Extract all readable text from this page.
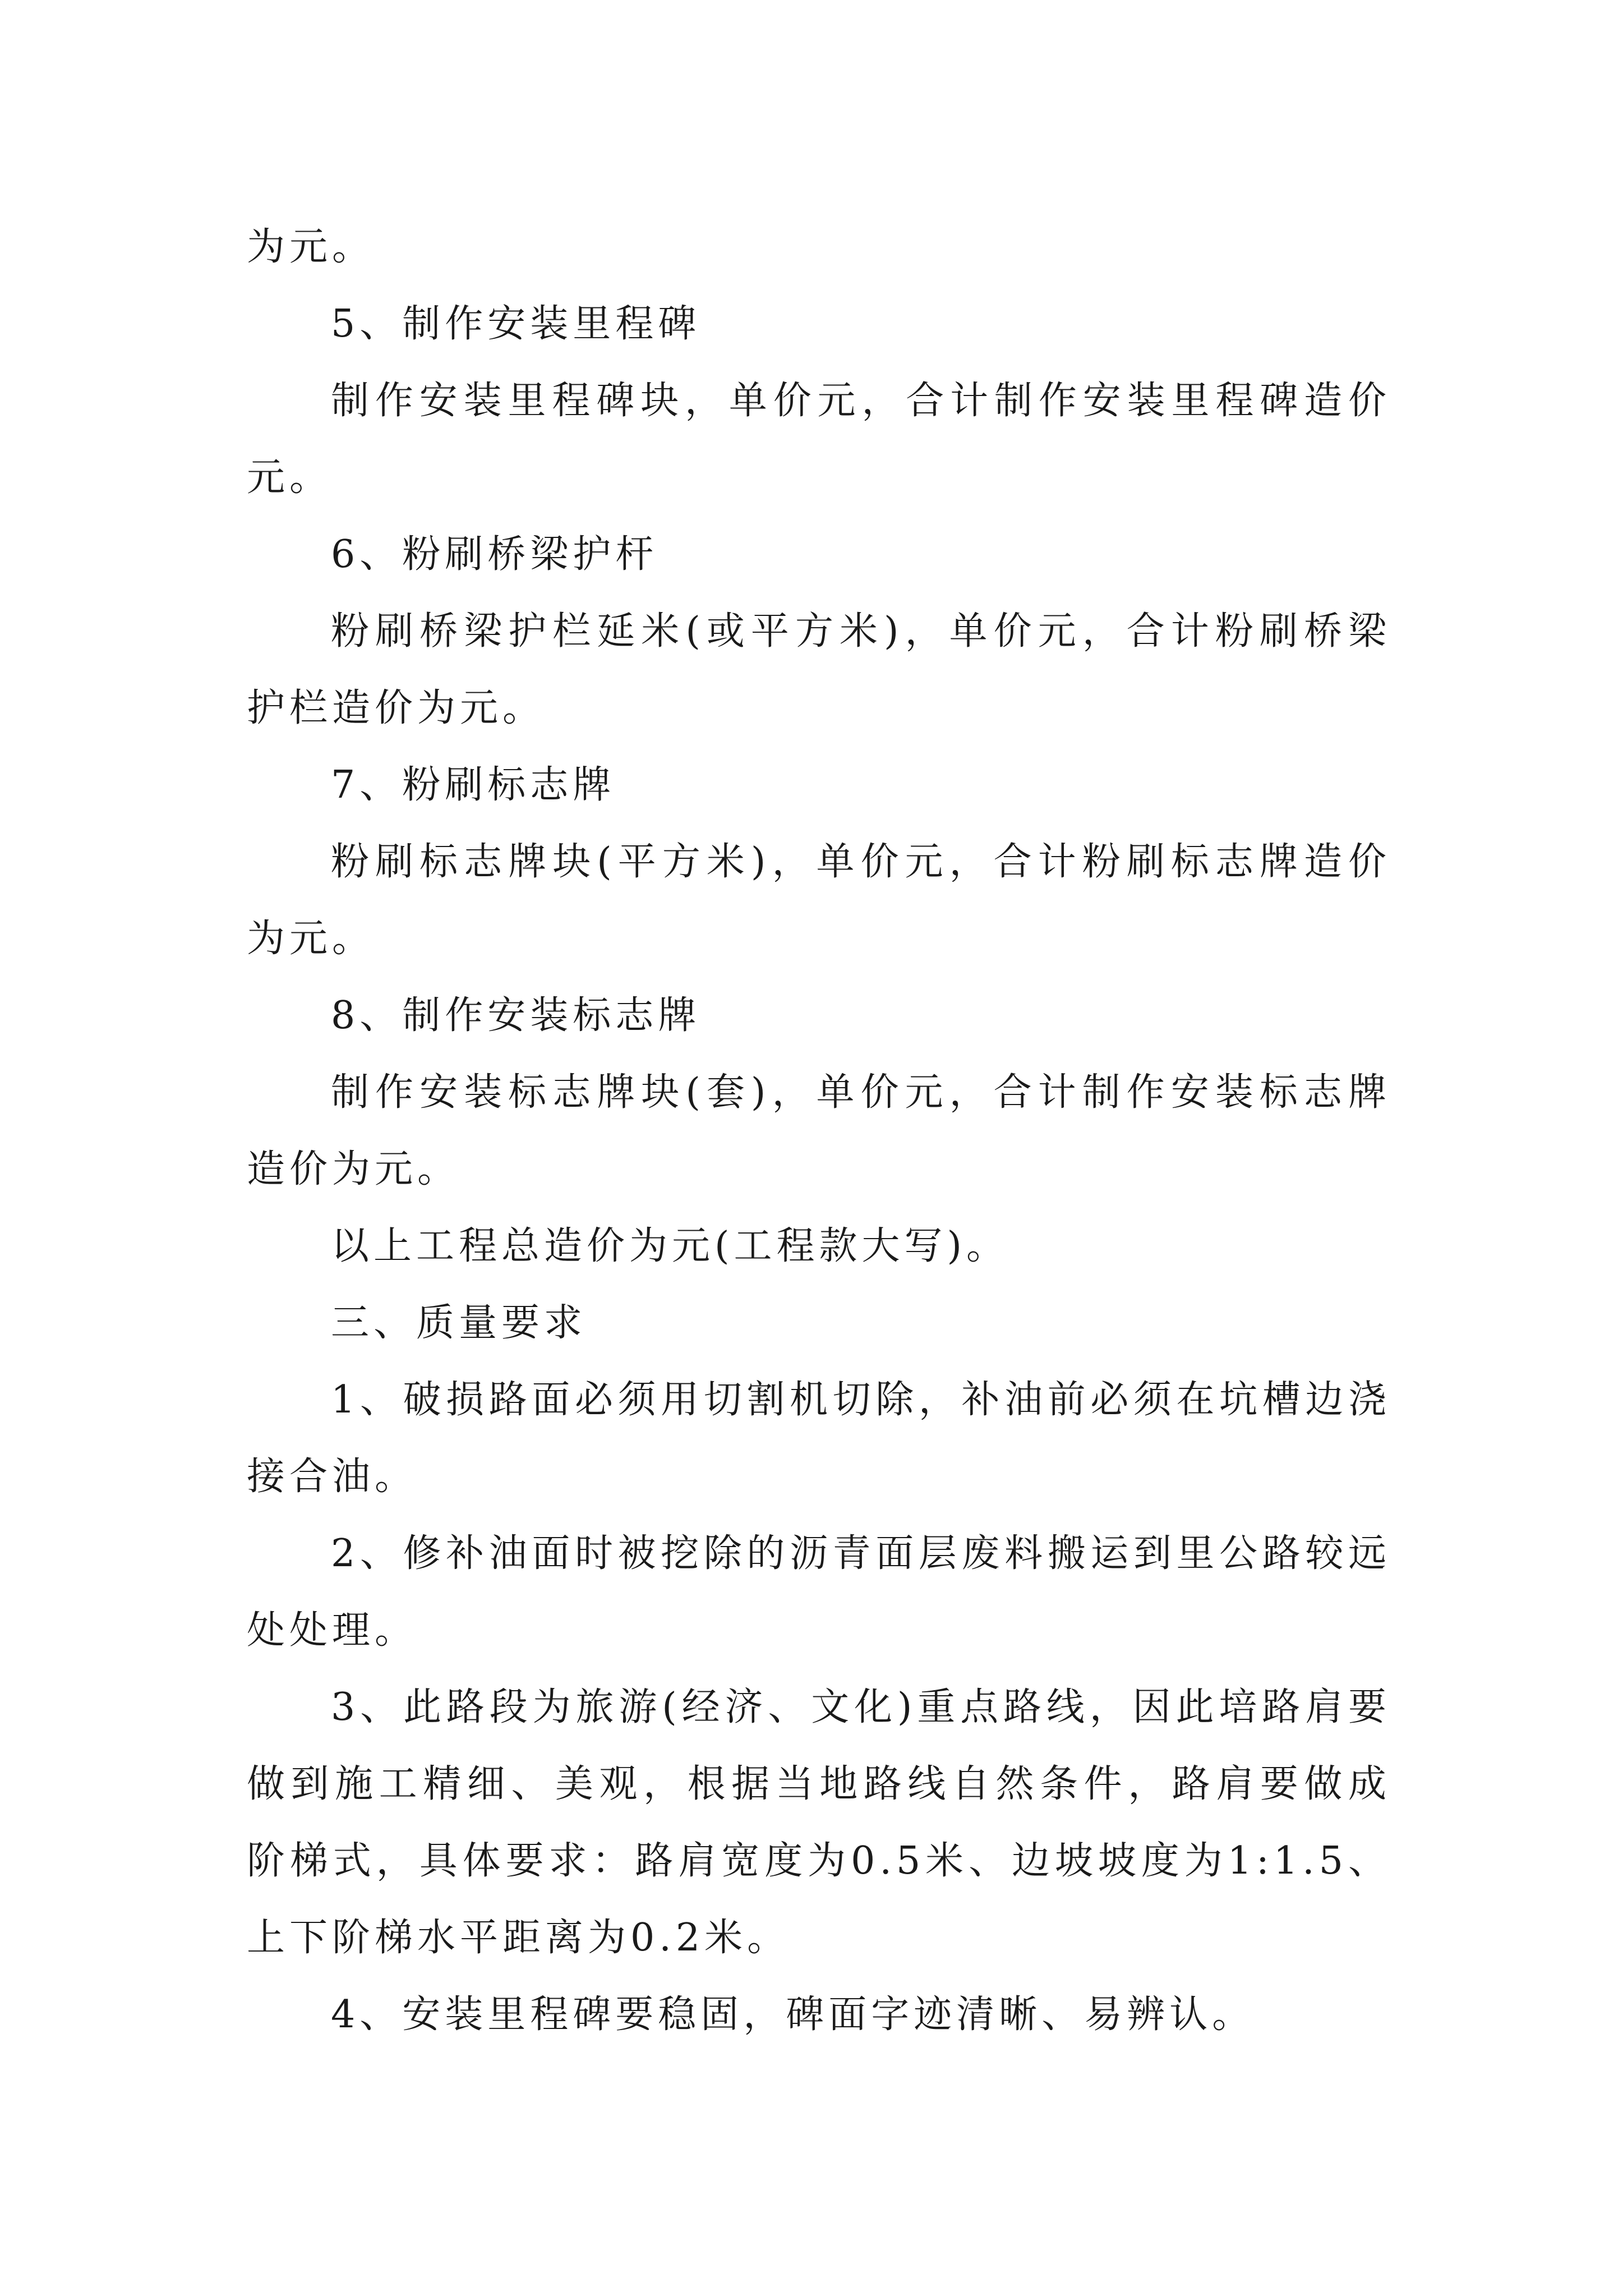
为元。

5、制作安装里程碑

制作安装里程碑块，单价元，合计制作安装里程碑造价元。

6、粉刷桥梁护杆

粉刷桥梁护栏延米(或平方米)，单价元，合计粉刷桥梁护栏造价为元。

7、粉刷标志牌

粉刷标志牌块(平方米)，单价元，合计粉刷标志牌造价为元。

8、制作安装标志牌

制作安装标志牌块(套)，单价元，合计制作安装标志牌造价为元。

以上工程总造价为元(工程款大写)。

三、质量要求

1、破损路面必须用切割机切除，补油前必须在坑槽边浇接合油。

2、修补油面时被挖除的沥青面层废料搬运到里公路较远处处理。

3、此路段为旅游(经济、文化)重点路线，因此培路肩要做到施工精细、美观，根据当地路线自然条件，路肩要做成阶梯式，具体要求：路肩宽度为0.5米、边坡坡度为1:1.5、上下阶梯水平距离为0.2米。

4、安装里程碑要稳固，碑面字迹清晰、易辨认。
